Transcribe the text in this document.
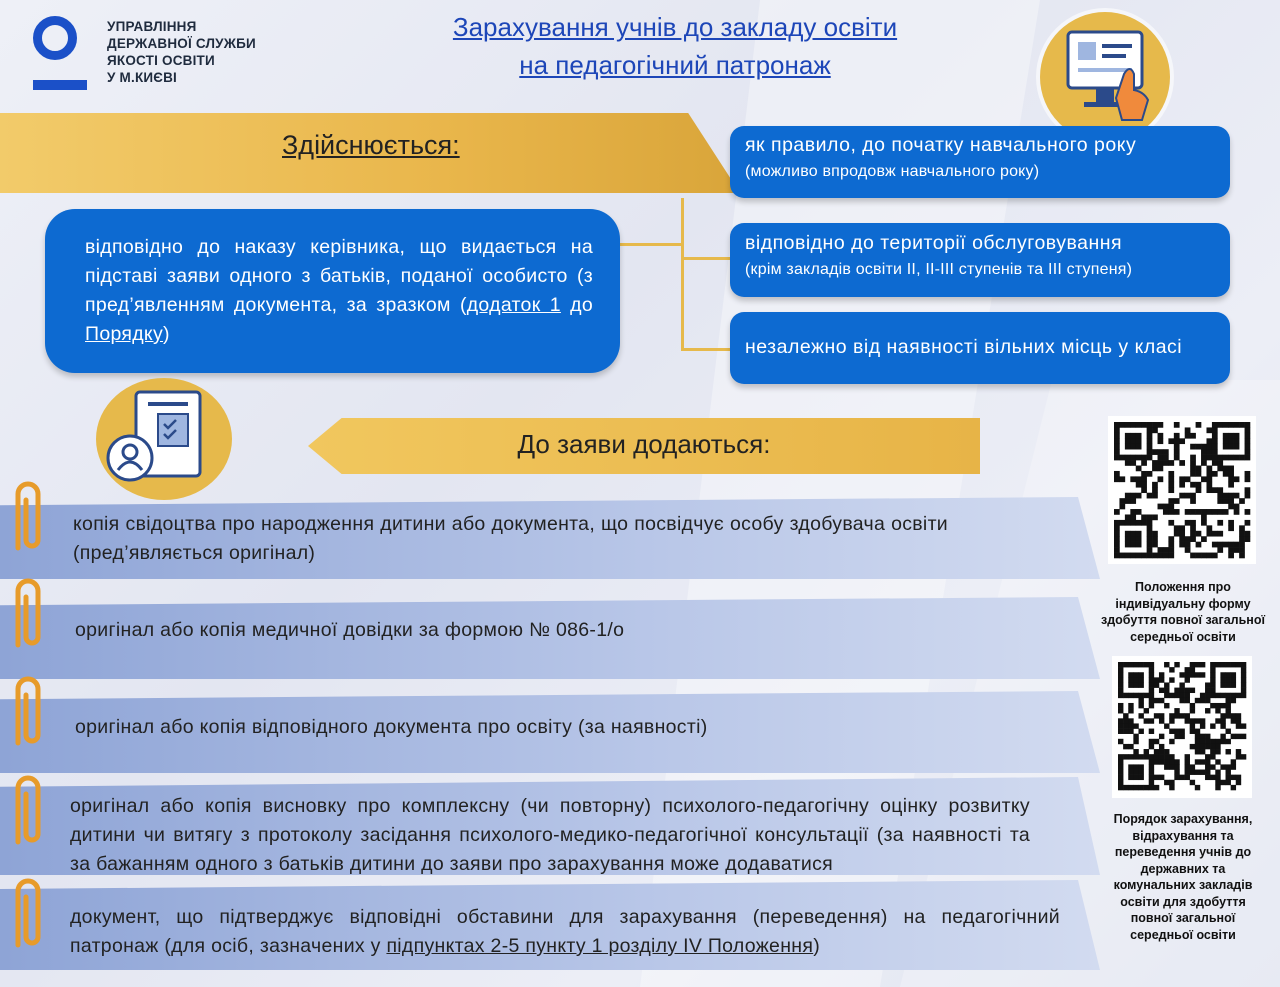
УПРАВЛІННЯ
ДЕРЖАВНОЇ СЛУЖБИ
ЯКОСТІ ОСВІТИ
У М.КИЄВІ
Зарахування учнів до закладу освіти
на педагогічний патронаж
Здійснюється:

відповідно до наказу керівника, що видається на підставі заяви одного з батьків, поданої особисто (з пред’явленням документа, за зразком (додаток 1 до Порядку)

як правило, до початку навчального року
(можливо впродовж навчального року)
відповідно до території обслуговування
(крім закладів освіти ІІ, ІІ-ІІІ ступенів та ІІІ ступеня)
незалежно від наявності вільних місць у класі
До заяви додаються:
копія свідоцтва про народження дитини або документа, що посвідчує особу здобувача освіти (пред’являється оригінал)
оригінал або копія медичної довідки за формою № 086-1/о
оригінал або копія відповідного документа про освіту (за наявності)
оригінал або копія висновку про комплексну (чи повторну) психолого-педагогічну оцінку розвитку дитини чи витягу з протоколу засідання психолого-медико-педагогічної консультації (за наявності та за бажанням одного з батьків дитини до заяви про зарахування може додаватися
документ, що підтверджує відповідні обставини для зарахування (переведення) на педагогічний патронаж (для осіб, зазначених у підпунктах 2-5 пункту 1 розділу IV Положення)
Положення про
індивідуальну форму
здобуття повної загальної
середньої освіти
Порядок зарахування,
відрахування та
переведення учнів до
державних та
комунальних закладів
освіти для здобуття
повної загальної
середньої освіти
